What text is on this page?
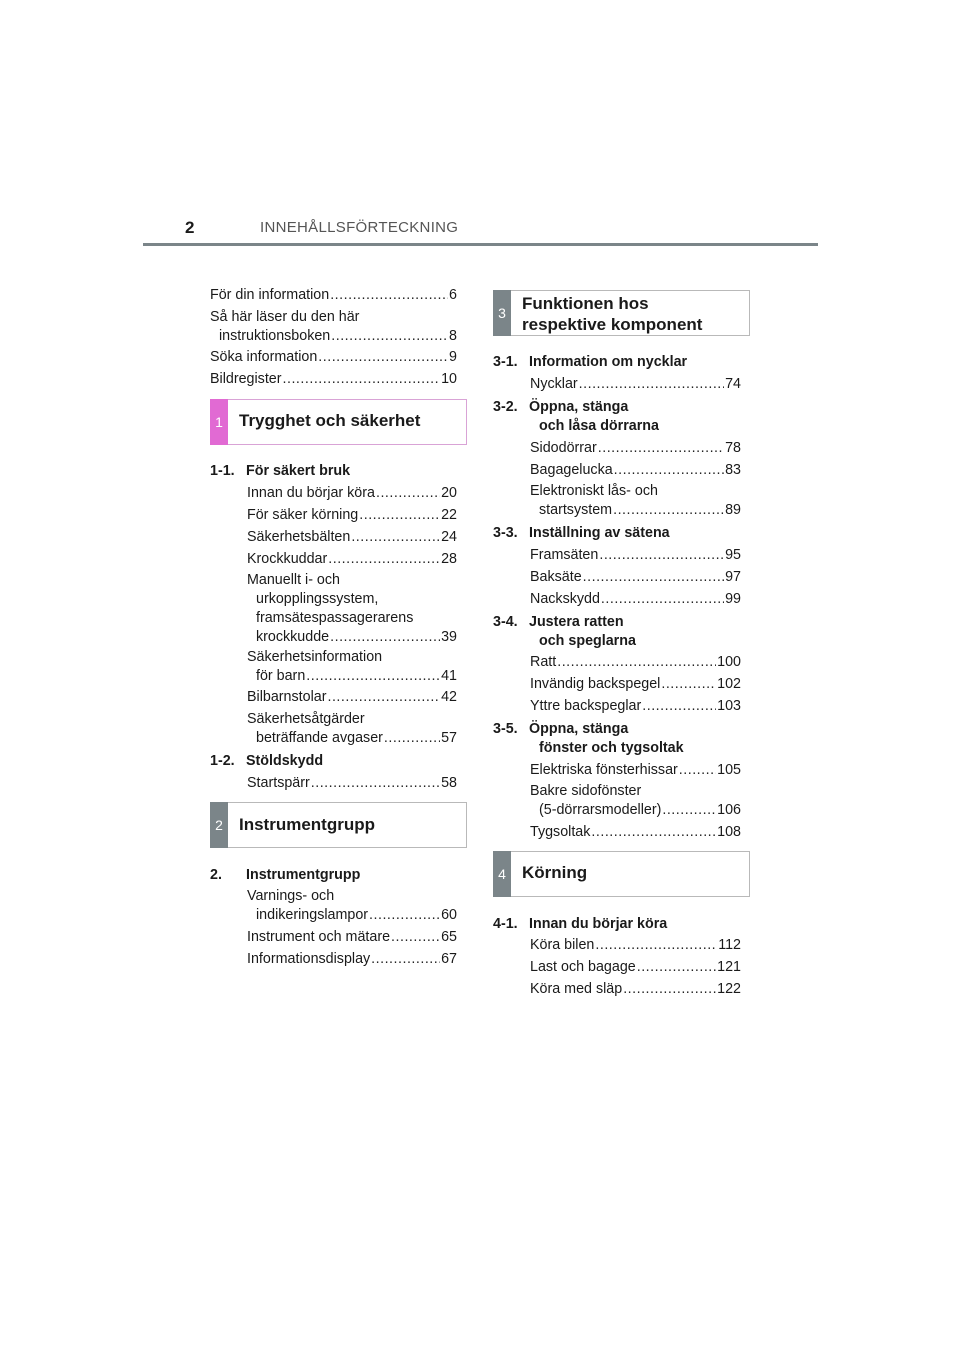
2	INNEHÅLLSFÖRTECKNING
För din information .....	6
Så här läser du den här
instruktionsboken .....	8
Söka information .....	9
Bildregister .....	10
1 Trygghet och säkerhet
1-1. För säkert bruk
Innan du börjar köra .....	20
För säker körning .....	22
Säkerhetsbälten .....	24
Krockkuddar .....	28
Manuellt i- och
urkopplingssystem,
framsätespassagerarens
krockkudde .....	39
Säkerhetsinformation
för barn .....	41
Bilbarnstolar .....	42
Säkerhetsåtgärder
beträffande avgaser .....	57
1-2. Stöldskydd
Startspärr .....	58
2 Instrumentgrupp
2. Instrumentgrupp
Varnings- och
indikeringslampor .....	60
Instrument och mätare .....	65
Informationsdisplay .....	67
3 Funktionen hos
respektive komponent
3-1. Information om nycklar
Nycklar .....	74
3-2. Öppna, stänga
och låsa dörrarna
Sidodörrar .....	78
Bagagelucka .....	83
Elektroniskt lås- och
startsystem .....	89
3-3. Inställning av sätena
Framsäten .....	95
Baksäte .....	97
Nackskydd .....	99
3-4. Justera ratten
och speglarna
Ratt .....	100
Invändig backspegel .....	102
Yttre backspeglar .....	103
3-5. Öppna, stänga
fönster och tygsoltak
Elektriska fönsterhissar .....	105
Bakre sidofönster
(5-dörrarsmodeller) .....	106
Tygsoltak .....	108
4 Körning
4-1. Innan du börjar köra
Köra bilen .....	112
Last och bagage .....	121
Köra med släp .....	122
